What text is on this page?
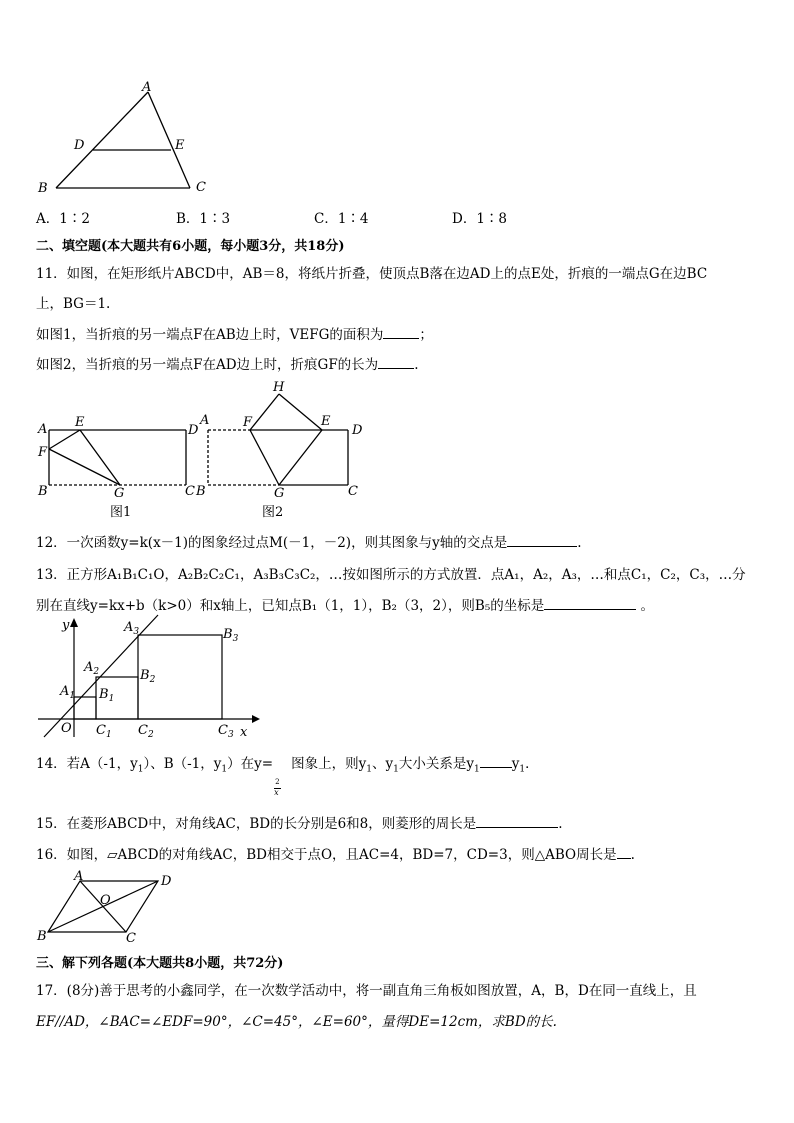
A
D	E
B	C
A．1∶2	B．1∶3	C．1∶4	D．1∶8
二、填空题(本大题共有6小题，每小题3分，共18分)
11．如图，在矩形纸片ABCD中，AB＝8，将纸片折叠，使顶点B落在边AD上的点E处，折痕的一端点G在边BC
上，BG＝1.
如图1，当折痕的另一端点F在AB边上时，VEFG的面积为	；
如图2，当折痕的另一端点F在AD边上时，折痕GF的长为	.
A E
D
F
B	G	C
图1
H
A	F	E
D
B	G	C
图2
12．一次函数y=k(x－1)的图象经过点M(－1，－2)，则其图象与y轴的交点是	.
13．正方形A₁B₁C₁O，A₂B₂C₂C₁，A₃B₃C₃C₂，…按如图所示的方式放置．点A₁，A₂，A₃，…和点C₁，C₂，C₃，…分
别在直线y=kx+b（k>0）和x轴上，已知点B₁（1，1），B₂（3，2），则B₅的坐标是	。
y
x
O
$A_1$
$A_2$
$A_3$
$B_1$
$B_2$
$B_3$
$C_1$ $C_2$	$C_3$
14．若A（-1，$y_1$）、B（-1，$y_1$）在y=
$\frac{2}{x}$
图象上，则$y_1$、$y_1$大小关系是$y_1$ $y_1$．
15．在菱形ABCD中，对角线AC，BD的长分别是6和8，则菱形的周长是	.
16．如图，▱ABCD的对角线AC，BD相交于点O，且AC=4，BD=7，CD=3，则△ABO周长是 .
A	D
O
B	C
三、解下列各题(本大题共8小题，共72分)
17．(8分)善于思考的小鑫同学，在一次数学活动中，将一副直角三角板如图放置，A，B，D在同一直线上，且
EF//AD，∠BAC=∠EDF=90°，∠C=45°，∠E=60°，量得DE=12cm，求BD的长.
